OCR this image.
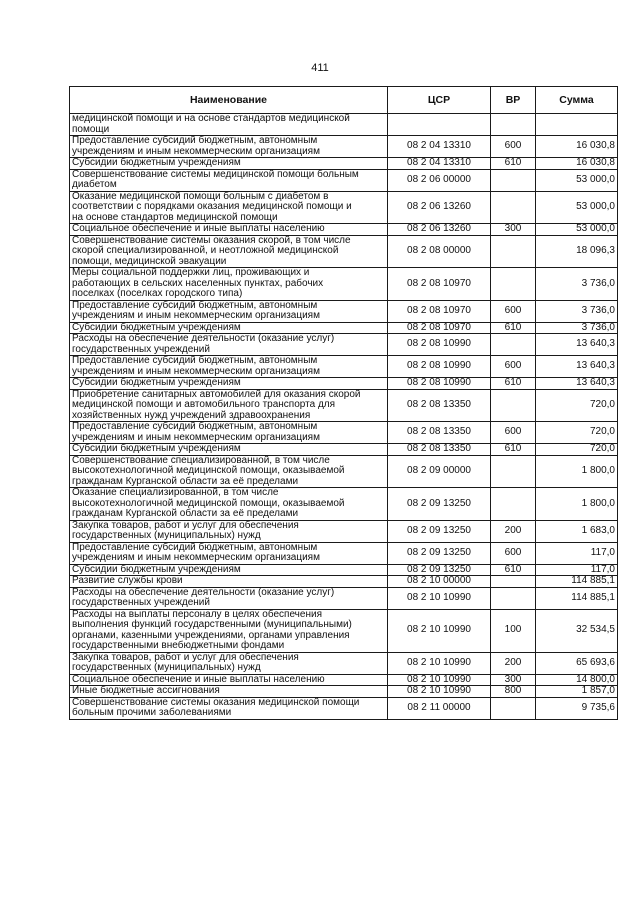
411
Наименование	ЦСР	ВР	Сумма
медицинской помощи и на основе стандартов медицинской
помощи			
Предоставление субсидий бюджетным, автономным
учреждениям и иным некоммерческим организациям	08 2 04 13310	600	16 030,8
Субсидии бюджетным учреждениям	08 2 04 13310	610	16 030,8
Совершенствование системы медицинской помощи больным
диабетом	08 2 06 00000		53 000,0
Оказание медицинской помощи больным с диабетом в
соответствии с порядками оказания медицинской помощи и
на основе стандартов медицинской помощи	08 2 06 13260		53 000,0
Социальное обеспечение и иные выплаты населению	08 2 06 13260	300	53 000,0
Совершенствование системы оказания скорой, в том числе
скорой специализированной, и неотложной медицинской
помощи, медицинской эвакуации	08 2 08 00000		18 096,3
Меры социальной поддержки лиц, проживающих и
работающих в сельских населенных пунктах, рабочих
поселках (поселках городского типа)	08 2 08 10970		3 736,0
Предоставление субсидий бюджетным, автономным
учреждениям и иным некоммерческим организациям	08 2 08 10970	600	3 736,0
Субсидии бюджетным учреждениям	08 2 08 10970	610	3 736,0
Расходы на обеспечение деятельности (оказание услуг)
государственных учреждений	08 2 08 10990		13 640,3
Предоставление субсидий бюджетным, автономным
учреждениям и иным некоммерческим организациям	08 2 08 10990	600	13 640,3
Субсидии бюджетным учреждениям	08 2 08 10990	610	13 640,3
Приобретение санитарных автомобилей для оказания скорой
медицинской помощи и автомобильного транспорта для
хозяйственных нужд учреждений здравоохранения	08 2 08 13350		720,0
Предоставление субсидий бюджетным, автономным
учреждениям и иным некоммерческим организациям	08 2 08 13350	600	720,0
Субсидии бюджетным учреждениям	08 2 08 13350	610	720,0
Совершенствование специализированной, в том числе
высокотехнологичной медицинской помощи, оказываемой
гражданам Курганской области за её пределами	08 2 09 00000		1 800,0
Оказание специализированной, в том числе
высокотехнологичной медицинской помощи, оказываемой
гражданам Курганской области за её пределами	08 2 09 13250		1 800,0
Закупка товаров, работ и услуг для обеспечения
государственных (муниципальных) нужд	08 2 09 13250	200	1 683,0
Предоставление субсидий бюджетным, автономным
учреждениям и иным некоммерческим организациям	08 2 09 13250	600	117,0
Субсидии бюджетным учреждениям	08 2 09 13250	610	117,0
Развитие службы крови	08 2 10 00000		114 885,1
Расходы на обеспечение деятельности (оказание услуг)
государственных учреждений	08 2 10 10990		114 885,1
Расходы на выплаты персоналу в целях обеспечения
выполнения функций государственными (муниципальными)
органами, казенными учреждениями, органами управления
государственными внебюджетными фондами	08 2 10 10990	100	32 534,5
Закупка товаров, работ и услуг для обеспечения
государственных (муниципальных) нужд	08 2 10 10990	200	65 693,6
Социальное обеспечение и иные выплаты населению	08 2 10 10990	300	14 800,0
Иные бюджетные ассигнования	08 2 10 10990	800	1 857,0
Совершенствование системы оказания медицинской помощи
больным прочими заболеваниями	08 2 11 00000		9 735,6
